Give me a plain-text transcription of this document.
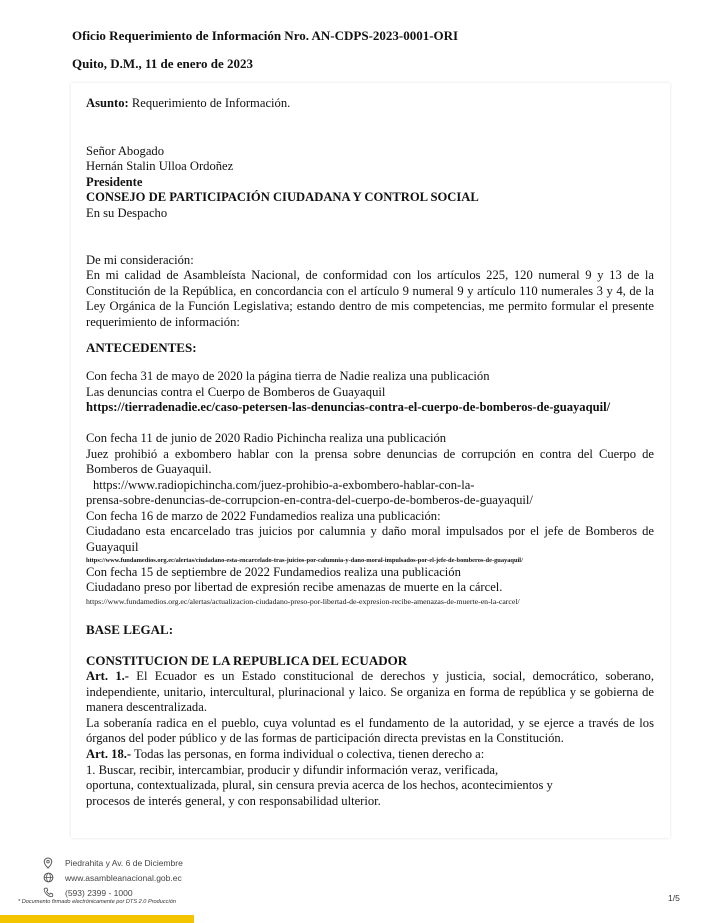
Oficio Requerimiento de Información Nro. AN-CDPS-2023-0001-ORI
Quito, D.M., 11 de enero de 2023

Asunto: Requerimiento de Información.

Señor Abogado

Hernán Stalin Ulloa Ordoñez

Presidente

CONSEJO DE PARTICIPACIÓN CIUDADANA Y CONTROL SOCIAL

En su Despacho

De mi consideración:

En mi calidad de Asambleísta Nacional, de conformidad con los artículos 225, 120 numeral 9 y 13 de la Constitución de la República, en concordancia con el artículo 9 numeral 9 y artículo 110 numerales 3 y 4, de la Ley Orgánica de la Función Legislativa; estando dentro de mis competencias, me permito formular el presente requerimiento de información:

ANTECEDENTES:

Con fecha 31 de mayo de 2020 la página tierra de Nadie realiza una publicación

Las denuncias contra el Cuerpo de Bomberos de Guayaquil

https://tierradenadie.ec/caso-petersen-las-denuncias-contra-el-cuerpo-de-bomberos-de-guayaquil/

Con fecha 11 de junio de 2020 Radio Pichincha realiza una publicación

Juez prohibió a exbombero hablar con la prensa sobre denuncias de corrupción en contra del Cuerpo de Bomberos de Guayaquil.

https://www.radiopichincha.com/juez-prohibio-a-exbombero-hablar-con-la-

prensa-sobre-denuncias-de-corrupcion-en-contra-del-cuerpo-de-bomberos-de-guayaquil/

Con fecha 16 de marzo de 2022 Fundamedios realiza una publicación:

Ciudadano esta encarcelado tras juicios por calumnia y daño moral impulsados por el jefe de Bomberos de Guayaquil

https://www.fundamedios.org.ec/alertas/ciudadano-esta-encarcelado-tras-juicios-por-calumnia-y-dano-moral-impulsados-por-el-jefe-de-bomberos-de-guayaquil/

Con fecha 15 de septiembre de 2022 Fundamedios realiza una publicación

Ciudadano preso por libertad de expresión recibe amenazas de muerte en la cárcel.

https://www.fundamedios.org.ec/alertas/actualizacion-ciudadano-preso-por-libertad-de-expresion-recibe-amenazas-de-muerte-en-la-carcel/

BASE LEGAL:

CONSTITUCION DE LA REPUBLICA DEL ECUADOR

Art. 1.- El Ecuador es un Estado constitucional de derechos y justicia, social, democrático, soberano, independiente, unitario, intercultural, plurinacional y laico. Se organiza en forma de república y se gobierna de manera descentralizada.

La soberanía radica en el pueblo, cuya voluntad es el fundamento de la autoridad, y se ejerce a través de los órganos del poder público y de las formas de participación directa previstas en la Constitución.

Art. 18.- Todas las personas, en forma individual o colectiva, tienen derecho a:

1. Buscar, recibir, intercambiar, producir y difundir información veraz, verificada,

oportuna, contextualizada, plural, sin censura previa acerca de los hechos, acontecimientos y

procesos de interés general, y con responsabilidad ulterior.

Piedrahita y Av. 6 de Diciembre
www.asambleanacional.gob.ec
(593) 2399 - 1000
* Documento firmado electrónicamente por DTS 2.0 Producción	1/5
